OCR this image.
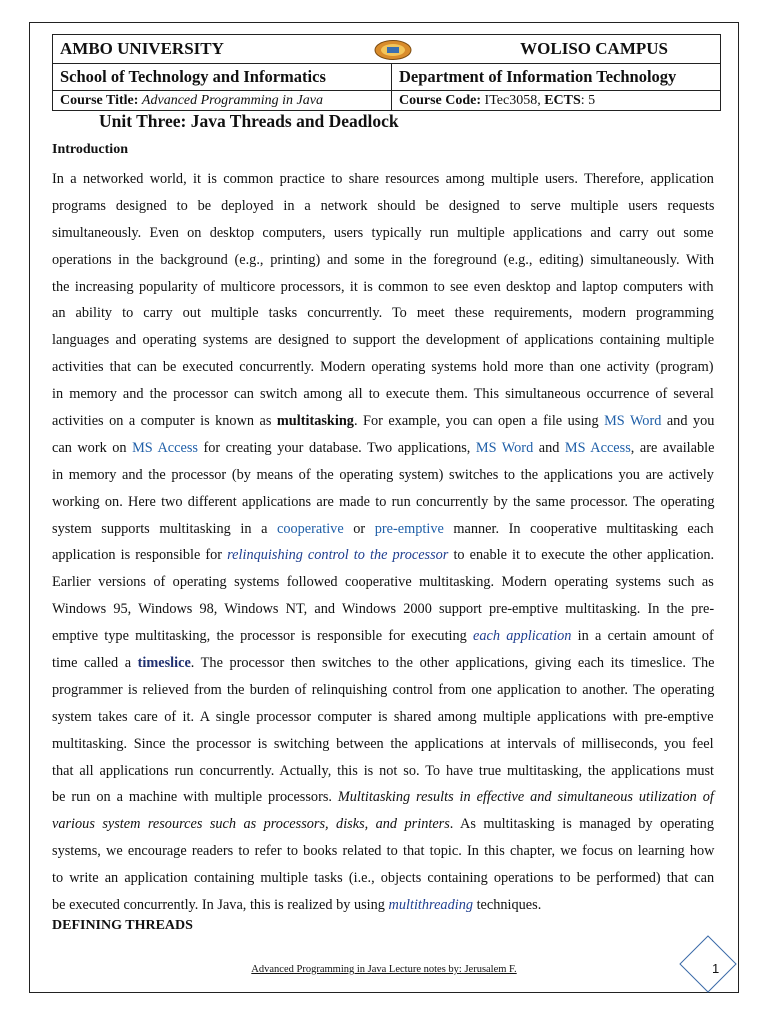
AMBO UNIVERSITY WOLISO CAMPUS	

School of Technology and Informatics	Department of Information Technology
Course Title: Advanced Programming in Java	Course Code: ITec3058, ECTS: 5
Unit Three: Java Threads and Deadlock
Introduction
In a networked world, it is common practice to share resources among multiple users. Therefore, application
programs designed to be deployed in a network should be designed to serve multiple users requests
simultaneously. Even on desktop computers, users typically run multiple applications and carry out some
operations in the background (e.g., printing) and some in the foreground (e.g., editing) simultaneously. With
the increasing popularity of multicore processors, it is common to see even desktop and laptop computers with
an ability to carry out multiple tasks concurrently. To meet these requirements, modern programming
languages and operating systems are designed to support the development of applications containing multiple
activities that can be executed concurrently. Modern operating systems hold more than one activity (program)
in memory and the processor can switch among all to execute them. This simultaneous occurrence of several
activities on a computer is known as multitasking. For example, you can open a file using MS Word and you
can work on MS Access for creating your database. Two applications, MS Word and MS Access, are available
in memory and the processor (by means of the operating system) switches to the applications you are actively
working on. Here two different applications are made to run concurrently by the same processor. The operating
system supports multitasking in a cooperative or pre-emptive manner. In cooperative multitasking each
application is responsible for relinquishing control to the processor to enable it to execute the other application.
Earlier versions of operating systems followed cooperative multitasking. Modern operating systems such as
Windows 95, Windows 98, Windows NT, and Windows 2000 support pre-emptive multitasking. In the pre-
emptive type multitasking, the processor is responsible for executing each application in a certain amount of
time called a timeslice. The processor then switches to the other applications, giving each its timeslice. The
programmer is relieved from the burden of relinquishing control from one application to another. The operating
system takes care of it. A single processor computer is shared among multiple applications with pre-emptive
multitasking. Since the processor is switching between the applications at intervals of milliseconds, you feel
that all applications run concurrently. Actually, this is not so. To have true multitasking, the applications must
be run on a machine with multiple processors. Multitasking results in effective and simultaneous utilization of
various system resources such as processors, disks, and printers. As multitasking is managed by operating
systems, we encourage readers to refer to books related to that topic. In this chapter, we focus on learning how
to write an application containing multiple tasks (i.e., objects containing operations to be performed) that can
be executed concurrently. In Java, this is realized by using multithreading techniques.
DEFINING THREADS
Advanced Programming in Java Lecture notes by: Jerusalem F.	1
